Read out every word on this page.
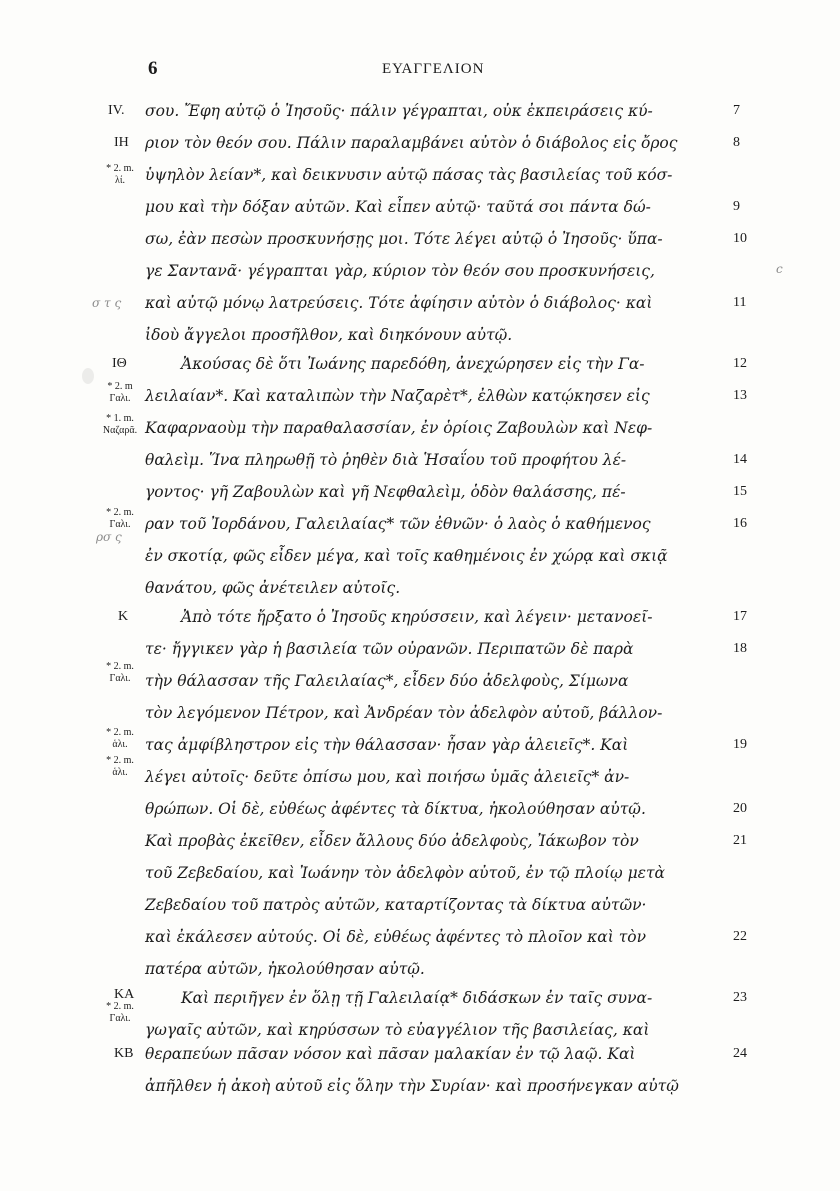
6	ΕΥΑΓΓΕΛΙΟΝ
IV.
IH
IΘ
K
KA
KB
* 2. m.
λί.
* 2. m
Γαλι.
* 1. m.
Ναζαρᾶ.
* 2. m.
Γαλι.
* 2. m.
Γαλι.
* 2. m.
ἁλι.
* 2. m.
ἁλι.
* 2. m.
Γαλι.
σ τ ς
ρσ ς
c
σου. Ἔφη αὐτῷ ὁ Ἰησοῦς· πάλιν γέγραπται, οὐκ ἐκπειράσεις κύ-
ριον τὸν θεόν σου. Πάλιν παραλαμβάνει αὐτὸν ὁ διάβολος εἰς ὄρος
ὑψηλὸν λείαν*, καὶ δεικνυσιν αὐτῷ πάσας τὰς βασιλείας τοῦ κόσ-
μου καὶ τὴν δόξαν αὐτῶν. Καὶ εἶπεν αὐτῷ· ταῦτά σοι πάντα δώ-
σω, ἐὰν πεσὼν προσκυνήσῃς μοι. Τότε λέγει αὐτῷ ὁ Ἰησοῦς· ὕπα-
γε Σαντανᾶ· γέγραπται γὰρ, κύριον τὸν θεόν σου προσκυνήσεις,
καὶ αὐτῷ μόνῳ λατρεύσεις. Τότε ἀφίησιν αὐτὸν ὁ διάβολος· καὶ
ἰδοὺ ἄγγελοι προσῆλθον, καὶ διηκόνουν αὐτῷ.
Ἀκούσας δὲ ὅτι Ἰωάνης παρεδόθη, ἀνεχώρησεν εἰς τὴν Γα-
λειλαίαν*. Καὶ καταλιπὼν τὴν Ναζαρὲτ*, ἐλθὼν κατῴκησεν εἰς
Καφαρναοὺμ τὴν παραθαλασσίαν, ἐν ὁρίοις Ζαβουλὼν καὶ Νεφ-
θαλεὶμ. Ἵνα πληρωθῇ τὸ ῥηθὲν διὰ Ἡσαΐου τοῦ προφήτου λέ-
γοντος· γῆ Ζαβουλὼν καὶ γῆ Νεφθαλεὶμ, ὁδὸν θαλάσσης, πέ-
ραν τοῦ Ἰορδάνου, Γαλειλαίας* τῶν ἐθνῶν· ὁ λαὸς ὁ καθήμενος
ἐν σκοτίᾳ, φῶς εἶδεν μέγα, καὶ τοῖς καθημένοις ἐν χώρᾳ καὶ σκιᾷ
θανάτου, φῶς ἀνέτειλεν αὐτοῖς.
Ἀπὸ τότε ἤρξατο ὁ Ἰησοῦς κηρύσσειν, καὶ λέγειν· μετανοεῖ-
τε· ἤγγικεν γὰρ ἡ βασιλεία τῶν οὐρανῶν. Περιπατῶν δὲ παρὰ
τὴν θάλασσαν τῆς Γαλειλαίας*, εἶδεν δύο ἀδελφοὺς, Σίμωνα
τὸν λεγόμενον Πέτρον, καὶ Ἀνδρέαν τὸν ἀδελφὸν αὐτοῦ, βάλλον-
τας ἀμφίβληστρον εἰς τὴν θάλασσαν· ἦσαν γὰρ ἁλειεῖς*. Καὶ
λέγει αὐτοῖς· δεῦτε ὀπίσω μου, καὶ ποιήσω ὑμᾶς ἁλειεῖς* ἀν-
θρώπων. Οἱ δὲ, εὐθέως ἀφέντες τὰ δίκτυα, ἠκολούθησαν αὐτῷ.
Καὶ προβὰς ἐκεῖθεν, εἶδεν ἄλλους δύο ἀδελφοὺς, Ἰάκωβον τὸν
τοῦ Ζεβεδαίου, καὶ Ἰωάνην τὸν ἀδελφὸν αὐτοῦ, ἐν τῷ πλοίῳ μετὰ
Ζεβεδαίου τοῦ πατρὸς αὐτῶν, καταρτίζοντας τὰ δίκτυα αὐτῶν·
καὶ ἐκάλεσεν αὐτούς. Οἱ δὲ, εὐθέως ἀφέντες τὸ πλοῖον καὶ τὸν
πατέρα αὐτῶν, ἠκολούθησαν αὐτῷ.
Καὶ περιῆγεν ἐν ὅλῃ τῇ Γαλειλαίᾳ* διδάσκων ἐν ταῖς συνα-
γωγαῖς αὐτῶν, καὶ κηρύσσων τὸ εὐαγγέλιον τῆς βασιλείας, καὶ
θεραπεύων πᾶσαν νόσον καὶ πᾶσαν μαλακίαν ἐν τῷ λαῷ. Καὶ
ἀπῆλθεν ἡ ἀκοὴ αὐτοῦ εἰς ὅλην τὴν Συρίαν· καὶ προσήνεγκαν αὐτῷ
7
8
9
10
11
12
13
14
15
16
17
18
19
20
21
22
23
24
